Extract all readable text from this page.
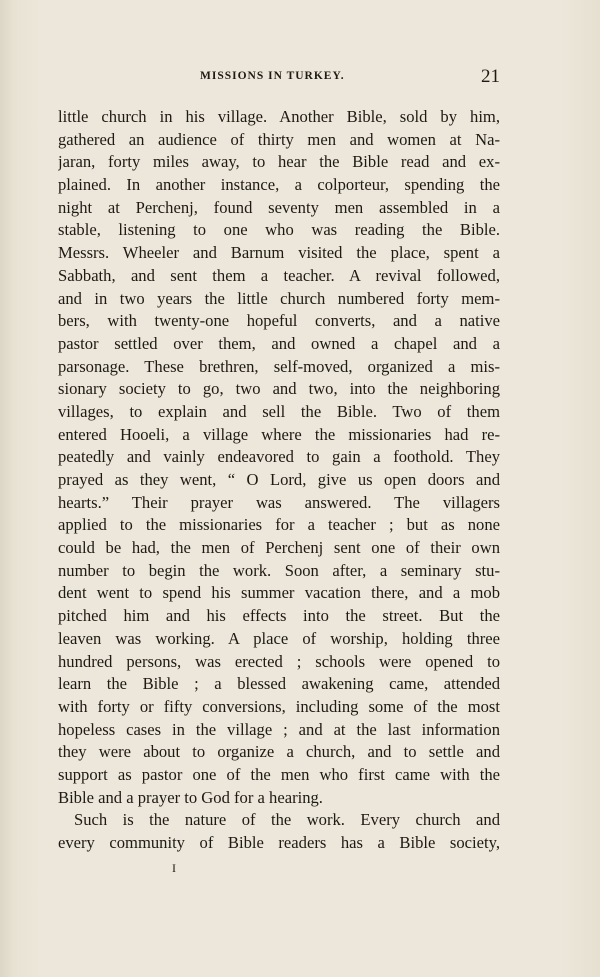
MISSIONS IN TURKEY.	21
little church in his village. Another Bible, sold by him,
gathered an audience of thirty men and women at Na-
jaran, forty miles away, to hear the Bible read and ex-
plained. In another instance, a colporteur, spending the
night at Perchenj, found seventy men assembled in a
stable, listening to one who was reading the Bible.
Messrs. Wheeler and Barnum visited the place, spent a
Sabbath, and sent them a teacher. A revival followed,
and in two years the little church numbered forty mem-
bers, with twenty-one hopeful converts, and a native
pastor settled over them, and owned a chapel and a
parsonage. These brethren, self-moved, organized a mis-
sionary society to go, two and two, into the neighboring
villages, to explain and sell the Bible. Two of them
entered Hooeli, a village where the missionaries had re-
peatedly and vainly endeavored to gain a foothold. They
prayed as they went, “ O Lord, give us open doors and
hearts.” Their prayer was answered. The villagers
applied to the missionaries for a teacher ; but as none
could be had, the men of Perchenj sent one of their own
number to begin the work. Soon after, a seminary stu-
dent went to spend his summer vacation there, and a mob
pitched him and his effects into the street. But the
leaven was working. A place of worship, holding three
hundred persons, was erected ; schools were opened to
learn the Bible ; a blessed awakening came, attended
with forty or fifty conversions, including some of the most
hopeless cases in the village ; and at the last information
they were about to organize a church, and to settle and
support as pastor one of the men who first came with the
Bible and a prayer to God for a hearing.
Such is the nature of the work. Every church and
every community of Bible readers has a Bible society,
I
